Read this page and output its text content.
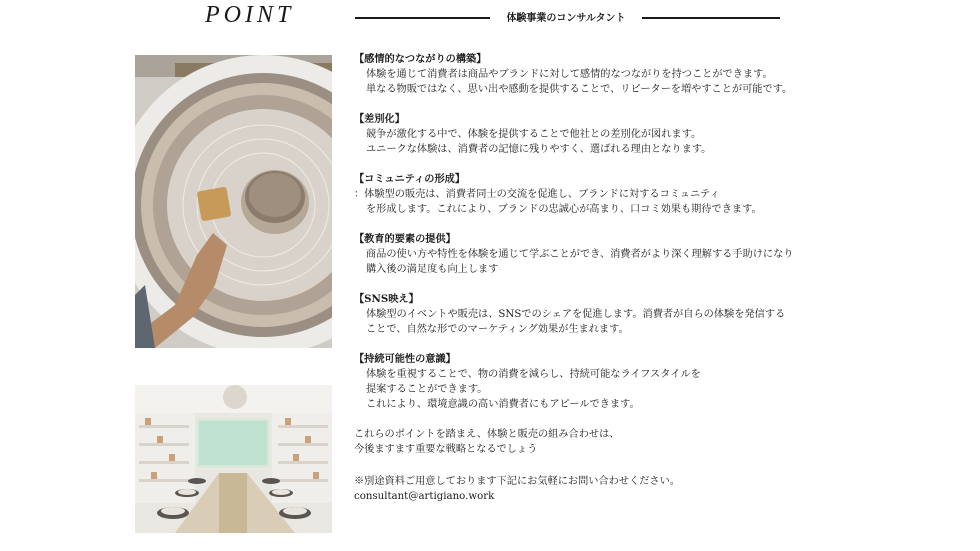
POINT	体験事業のコンサルタント
【感情的なつながりの構築】
体験を通じて消費者は商品やブランドに対して感情的なつながりを持つことができます。
単なる物販ではなく、思い出や感動を提供することで、リピーターを増やすことが可能です。
【差別化】
競争が激化する中で、体験を提供することで他社との差別化が図れます。
ユニークな体験は、消費者の記憶に残りやすく、選ばれる理由となります。
【コミュニティの形成】
：体験型の販売は、消費者同士の交流を促進し、ブランドに対するコミュニティ
を形成します。これにより、ブランドの忠誠心が高まり、口コミ効果も期待できます。
【教育的要素の提供】
商品の使い方や特性を体験を通じて学ぶことができ、消費者がより深く理解する手助けになり
購入後の満足度も向上します
【SNS映え】
体験型のイベントや販売は、SNSでのシェアを促進します。消費者が自らの体験を発信する
ことで、自然な形でのマーケティング効果が生まれます。
【持続可能性の意識】
体験を重視することで、物の消費を減らし、持続可能なライフスタイルを
提案することができます。
これにより、環境意識の高い消費者にもアピールできます。
これらのポイントを踏まえ、体験と販売の組み合わせは、
今後ますます重要な戦略となるでしょう
※別途資料ご用意しております下記にお気軽にお問い合わせください。
consultant@artigiano.work
